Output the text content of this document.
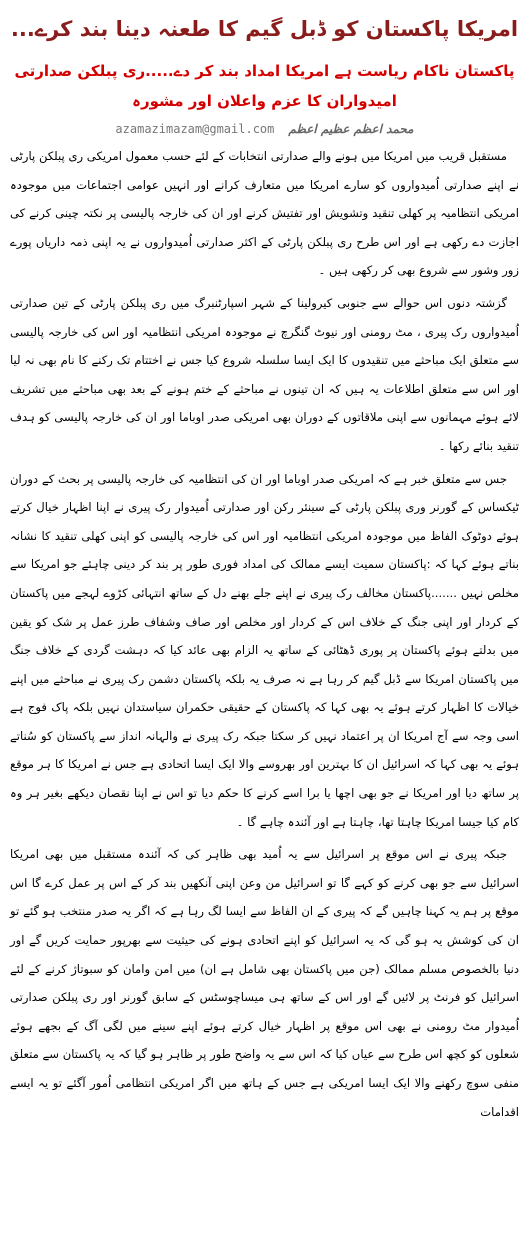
امریکا پاکستان کو ڈبل گیم کا طعنہ دینا بند کرے...
پاکستان ناکام ریاست ہے امریکا امداد بند کر دے.....ری پبلکن صدارتی امیدواران کا عزم واعلان اور مشورہ
محمد اعظم عظیم اعظم
azamazimazam@gmail.com

مستقبل قریب میں امریکا میں ہونے والے صدارتی انتخابات کے لئے حسب معمول امریکی ری پبلکن پارٹی نے اپنے صدارتی اُمیدواروں کو سارے امریکا میں متعارف کرانے اور انہیں عوامی اجتماعات میں موجودہ امریکی انتظامیہ پر کھلی تنقید وتشویش اور تفتیش کرنے اور ان کی خارجہ پالیسی پر نکتہ چینی کرنے کی اجازت دے رکھی ہے اور اس طرح ری پبلکن پارٹی کے اکثر صدارتی اُمیدواروں نے یہ اپنی ذمہ داریاں پورے زور وشور سے شروع بھی کر رکھی ہیں ۔

گزشتہ دنوں اس حوالے سے جنوبی کیرولینا کے شہر اسپارٹنبرگ میں ری پبلکن پارٹی کے تین صدارتی اُمیدواروں رک پیری ، مٹ رومنی اور نیوٹ گنگرچ نے موجودہ امریکی انتظامیہ اور اس کی خارجہ پالیسی سے متعلق ایک مباحثے میں تنقیدوں کا ایک ایسا سلسلہ شروع کیا جس نے اختتام تک رکنے کا نام بھی نہ لیا اور اس سے متعلق اطلاعات یہ ہیں کہ ان تینوں نے مباحثے کے ختم ہونے کے بعد بھی مباحثے میں تشریف لائے ہوئے مہمانوں سے اپنی ملاقاتوں کے دوران بھی امریکی صدر اوباما اور ان کی خارجہ پالیسی کو ہدف تنقید بنائے رکھا ۔

جس سے متعلق خبر ہے کہ امریکی صدر اوباما اور ان کی انتظامیہ کی خارجہ پالیسی پر بحث کے دوران ٹیکساس کے گورنر وری پبلکن پارٹی کے سینئر رکن اور صدارتی اُمیدوار رک پیری نے اپنا اظہار خیال کرتے ہوئے دوٹوک الفاظ میں موجودہ امریکی انتظامیہ اور اس کی خارجہ پالیسی کو اپنی کھلی تنقید کا نشانہ بناتے ہوئے کہا کہ :پاکستان سمیت ایسے ممالک کی امداد فوری طور پر بند کر دینی چاہئے جو امریکا سے مخلص نہیں .......پاکستان مخالف رک پیری نے اپنے جلے بھنے دل کے ساتھ انتہائی کڑوے لہجے میں پاکستان کے کردار اور اپنی جنگ کے خلاف اس کے کردار اور مخلص اور صاف وشفاف طرز عمل پر شک کو یقین میں بدلتے ہوئے پاکستان پر پوری ڈھٹائی کے ساتھ یہ الزام بھی عائد کیا کہ دہشت گردی کے خلاف جنگ میں پاکستان امریکا سے ڈبل گیم کر رہا ہے نہ صرف یہ بلکہ پاکستان دشمن رک پیری نے مباحثے میں اپنے خیالات کا اظہار کرتے ہوئے یہ بھی کہا کہ پاکستان کے حقیقی حکمران سیاستدان نہیں بلکہ پاک فوج ہے اسی وجہ سے آج امریکا ان پر اعتماد نہیں کر سکتا جبکہ رک پیری نے والہانہ انداز سے پاکستان کو سُناتے ہوئے یہ بھی کہا کہ اسرائیل ان کا بہترین اور بھروسے والا ایک ایسا اتحادی ہے جس نے امریکا کا ہر موقع پر ساتھ دیا اور امریکا نے جو بھی اچھا یا برا اسے کرنے کا حکم دیا تو اس نے اپنا نقصان دیکھے بغیر ہر وہ کام کیا جیسا امریکا چاہتا تھا، چاہتا ہے اور آئندہ چاہے گا ۔

جبکہ پیری نے اس موقع پر اسرائیل سے یہ اُمید بھی ظاہر کی کہ آئندہ مستقبل میں بھی امریکا اسرائیل سے جو بھی کرنے کو کہے گا تو اسرائیل من وعن اپنی آنکھیں بند کر کے اس پر عمل کرے گا اس موقع پر ہم یہ کہنا چاہیں گے کہ پیری کے ان الفاظ سے ایسا لگ رہا ہے کہ اگر یہ صدر منتخب ہو گئے تو ان کی کوشش یہ ہو گی کہ یہ اسرائیل کو اپنے اتحادی ہونے کی حیثیت سے بھرپور حمایت کریں گے اور دنیا بالخصوص مسلم ممالک (جن میں پاکستان بھی شامل ہے ان) میں امن وامان کو سبوتاژ کرنے کے لئے اسرائیل کو فرنٹ پر لائیں گے اور اس کے ساتھ ہی میساچوسٹس کے سابق گورنر اور ری پبلکن صدارتی اُمیدوار مٹ رومنی نے بھی اس موقع پر اظہار خیال کرتے ہوئے اپنے سینے میں لگی آگ کے بجھے ہوئے شعلوں کو کچھ اس طرح سے عیاں کیا کہ اس سے یہ واضح طور پر ظاہر ہو گیا کہ یہ پاکستان سے متعلق منفی سوچ رکھنے والا ایک ایسا امریکی ہے جس کے ہاتھ میں اگر امریکی انتظامی اُمور آگئے تو یہ ایسے اقدامات
